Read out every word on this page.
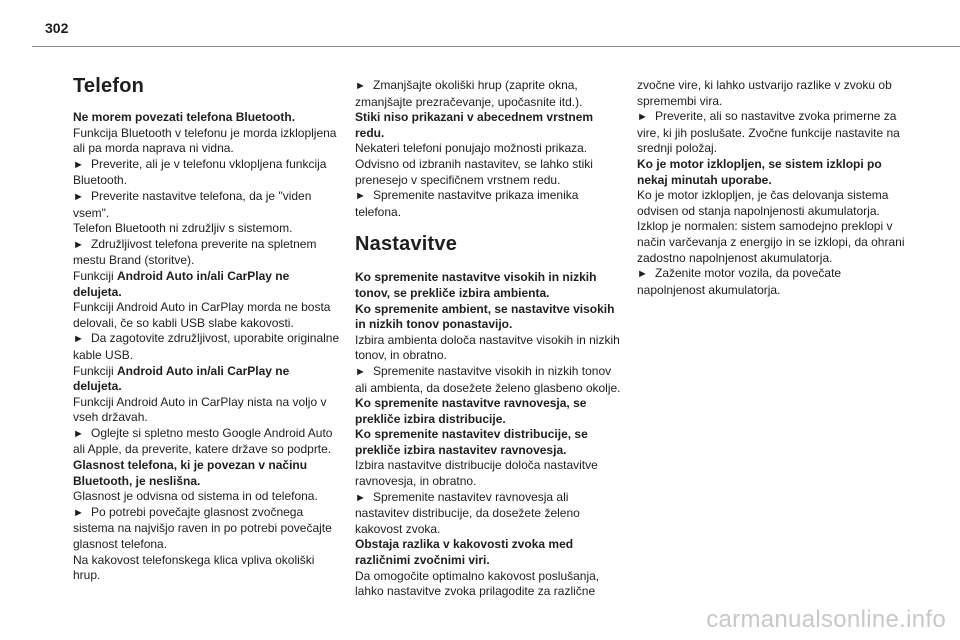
302
Telefon
Ne morem povezati telefona Bluetooth.
Funkcija Bluetooth v telefonu je morda izklopljena ali pa morda naprava ni vidna.
► Preverite, ali je v telefonu vklopljena funkcija Bluetooth.
► Preverite nastavitve telefona, da je "viden vsem".
Telefon Bluetooth ni združljiv s sistemom.
► Združljivost telefona preverite na spletnem mestu Brand (storitve).
Funkciji Android Auto in/ali CarPlay ne delujeta.
Funkciji Android Auto in CarPlay morda ne bosta delovali, če so kabli USB slabe kakovosti.
► Da zagotovite združljivost, uporabite originalne kable USB.
Funkciji Android Auto in/ali CarPlay ne delujeta.
Funkciji Android Auto in CarPlay nista na voljo v vseh državah.
► Oglejte si spletno mesto Google Android Auto ali Apple, da preverite, katere države so podprte.
Glasnost telefona, ki je povezan v načinu Bluetooth, je neslišna.
Glasnost je odvisna od sistema in od telefona.
► Po potrebi povečajte glasnost zvočnega sistema na najvišjo raven in po potrebi povečajte glasnost telefona.
Na kakovost telefonskega klica vpliva okoliški hrup.
► Zmanjšajte okoliški hrup (zaprite okna, zmanjšajte prezračevanje, upočasnite itd.).
Stiki niso prikazani v abecednem vrstnem redu.
Nekateri telefoni ponujajo možnosti prikaza. Odvisno od izbranih nastavitev, se lahko stiki prenesejo v specifičnem vrstnem redu.
► Spremenite nastavitve prikaza imenika telefona.
Nastavitve
Ko spremenite nastavitve visokih in nizkih tonov, se prekliče izbira ambienta.
Ko spremenite ambient, se nastavitve visokih in nizkih tonov ponastavijo.
Izbira ambienta določa nastavitve visokih in nizkih tonov, in obratno.
► Spremenite nastavitve visokih in nizkih tonov ali ambienta, da dosežete želeno glasbeno okolje.
Ko spremenite nastavitve ravnovesja, se prekliče izbira distribucije.
Ko spremenite nastavitev distribucije, se prekliče izbira nastavitev ravnovesja.
Izbira nastavitve distribucije določa nastavitve ravnovesja, in obratno.
► Spremenite nastavitev ravnovesja ali nastavitev distribucije, da dosežete želeno kakovost zvoka.
Obstaja razlika v kakovosti zvoka med različnimi zvočnimi viri.
Da omogočite optimalno kakovost poslušanja, lahko nastavitve zvoka prilagodite za različne
zvočne vire, ki lahko ustvarijo razlike v zvoku ob spremembi vira.
► Preverite, ali so nastavitve zvoka primerne za vire, ki jih poslušate. Zvočne funkcije nastavite na srednji položaj.
Ko je motor izklopljen, se sistem izklopi po nekaj minutah uporabe.
Ko je motor izklopljen, je čas delovanja sistema odvisen od stanja napolnjenosti akumulatorja.
Izklop je normalen: sistem samodejno preklopi v način varčevanja z energijo in se izklopi, da ohrani zadostno napolnjenost akumulatorja.
► Zaženite motor vozila, da povečate napolnjenost akumulatorja.
carmanualsonline.info
